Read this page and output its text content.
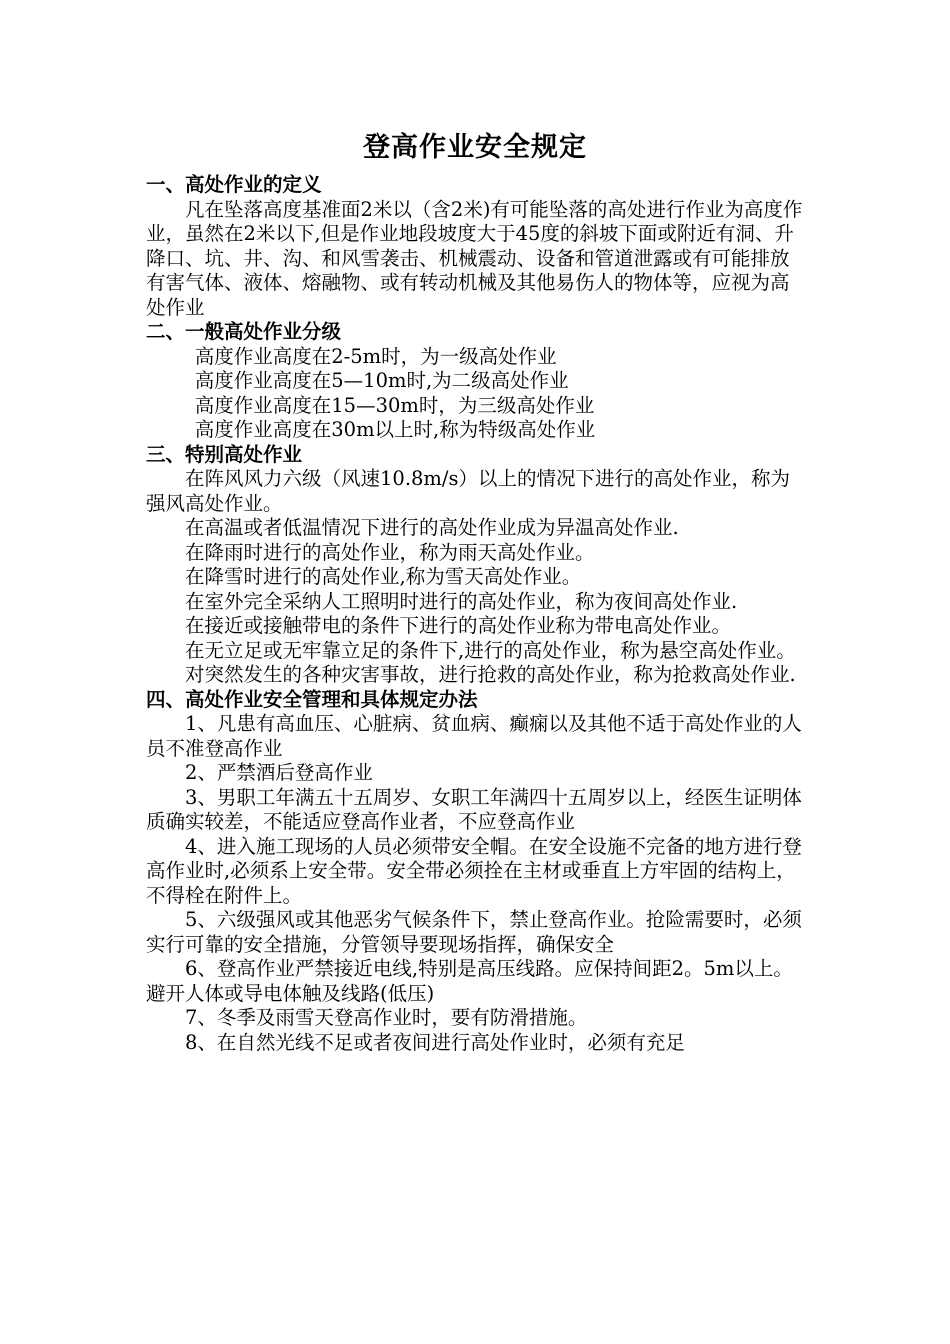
登高作业安全规定
一、高处作业的定义

凡在坠落高度基准面2米以（含2米)有可能坠落的高处进行作业为高度作业，虽然在2米以下,但是作业地段坡度大于45度的斜坡下面或附近有洞、升降口、坑、井、沟、和风雪袭击、机械震动、设备和管道泄露或有可能排放有害气体、液体、熔融物、或有转动机械及其他易伤人的物体等，应视为高处作业

二、一般高处作业分级
高度作业高度在2-5m时，为一级高处作业
高度作业高度在5—10m时,为二级高处作业
高度作业高度在15—30m时，为三级高处作业
高度作业高度在30m以上时,称为特级高处作业
三、特别高处作业

在阵风风力六级（风速10.8m/s）以上的情况下进行的高处作业，称为强风高处作业。

在高温或者低温情况下进行的高处作业成为异温高处作业.

在降雨时进行的高处作业，称为雨天高处作业。

在降雪时进行的高处作业,称为雪天高处作业。

在室外完全采纳人工照明时进行的高处作业，称为夜间高处作业.

在接近或接触带电的条件下进行的高处作业称为带电高处作业。

在无立足或无牢靠立足的条件下,进行的高处作业，称为悬空高处作业。

对突然发生的各种灾害事故，进行抢救的高处作业，称为抢救高处作业.

四、高处作业安全管理和具体规定办法

1、凡患有高血压、心脏病、贫血病、癫痫以及其他不适于高处作业的人员不准登高作业

2、严禁酒后登高作业

3、男职工年满五十五周岁、女职工年满四十五周岁以上，经医生证明体质确实较差，不能适应登高作业者，不应登高作业

4、进入施工现场的人员必须带安全帽。在安全设施不完备的地方进行登高作业时,必须系上安全带。安全带必须拴在主材或垂直上方牢固的结构上，不得栓在附件上。

5、六级强风或其他恶劣气候条件下，禁止登高作业。抢险需要时，必须实行可靠的安全措施，分管领导要现场指挥，确保安全

6、登高作业严禁接近电线,特别是高压线路。应保持间距2。5m以上。避开人体或导电体触及线路(低压)

7、冬季及雨雪天登高作业时，要有防滑措施。

8、在自然光线不足或者夜间进行高处作业时，必须有充足
